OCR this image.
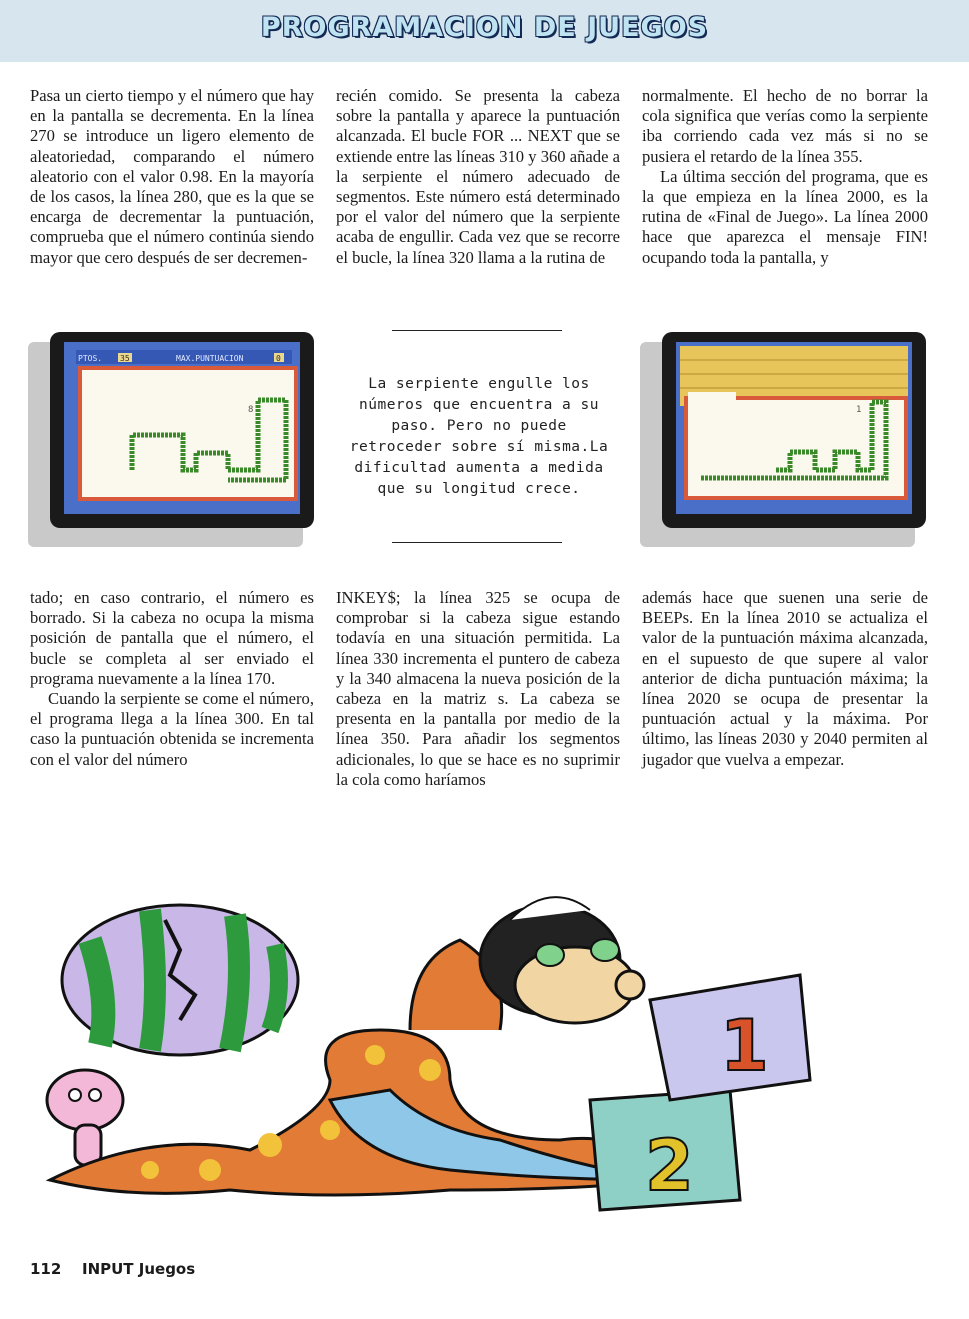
PROGRAMACION DE JUEGOS

Pasa un cierto tiempo y el número que hay en la pantalla se decrementa. En la línea 270 se introduce un ligero elemento de aleatoriedad, comparando el número aleatorio con el valor 0.98. En la mayoría de los casos, la línea 280, que es la que se encarga de decrementar la puntuación, comprueba que el número continúa siendo mayor que cero después de ser decremen-

recién comido. Se presenta la cabeza sobre la pantalla y aparece la puntuación alcanzada. El bucle FOR ... NEXT que se extiende entre las líneas 310 y 360 añade a la serpiente el número adecuado de segmentos. Este número está determinado por el valor del número que la serpiente acaba de engullir. Cada vez que se recorre el bucle, la línea 320 llama a la rutina de

normalmente. El hecho de no borrar la cola significa que verías como la serpiente iba corriendo cada vez más si no se pusiera el retardo de la línea 355.

La última sección del programa, que es la que empieza en la línea 2000, es la rutina de «Final de Juego». La línea 2000 hace que aparezca el mensaje FIN! ocupando toda la pantalla, y

PTOS. 35	MAX.PUNTUACION	0
8
La serpiente engulle los
números que encuentra a su
paso. Pero no puede
retroceder sobre sí misma.La
dificultad aumenta a medida
que su longitud crece.
1

tado; en caso contrario, el número es borrado. Si la cabeza no ocupa la misma posición de pantalla que el número, el bucle se completa al ser enviado el programa nuevamente a la línea 170.

Cuando la serpiente se come el número, el programa llega a la línea 300. En tal caso la puntuación obtenida se incrementa con el valor del número

INKEY$; la línea 325 se ocupa de comprobar si la cabeza sigue estando todavía en una situación permitida. La línea 330 incrementa el puntero de cabeza y la 340 almacena la nueva posición de la cabeza en la matriz s. La cabeza se presenta en la pantalla por medio de la línea 350. Para añadir los segmentos adicionales, lo que se hace es no suprimir la cola como haríamos

además hace que suenen una serie de BEEPs. En la línea 2010 se actualiza el valor de la puntuación máxima alcanzada, en el supuesto de que supere al valor anterior de dicha puntuación máxima; la línea 2020 se ocupa de presentar la puntuación actual y la máxima. Por último, las líneas 2030 y 2040 permiten al jugador que vuelva a empezar.

1
2
112 INPUT Juegos
